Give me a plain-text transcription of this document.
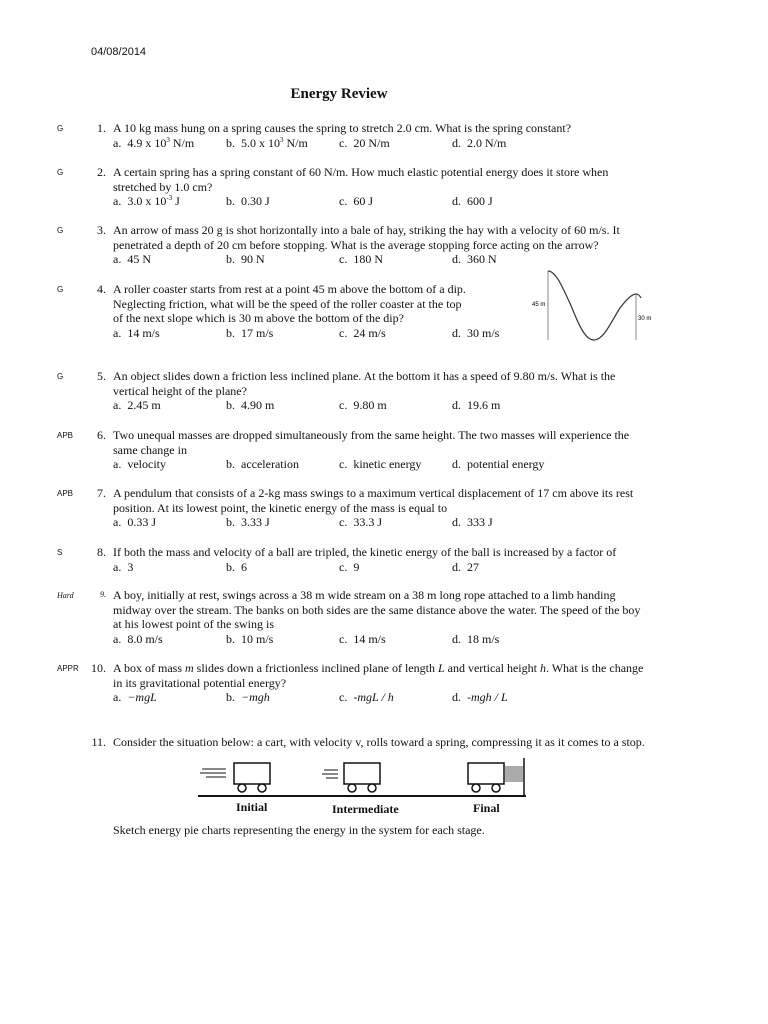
04/08/2014
Energy Review
G	1. A 10 kg mass hung on a spring causes the spring to stretch 2.0 cm. What is the spring constant?
a. 4.9 x $10^3$ N/m	b. 5.0 x $10^3$ N/m	c. 20 N/m	d. 2.0 N/m
G	2. A certain spring has a spring constant of 60 N/m. How much elastic potential energy does it store when stretched by 1.0 cm?
a. 3.0 x $10^{-3}$ J	b. 0.30 J	c. 60 J	d. 600 J
G	3. An arrow of mass 20 g is shot horizontally into a bale of hay, striking the hay with a velocity of 60 m/s. It penetrated a depth of 20 cm before stopping. What is the average stopping force acting on the arrow?
a. 45 N	b. 90 N	c. 180 N	d. 360 N
G	4. A roller coaster starts from rest at a point 45 m above the bottom of a dip.
Neglecting friction, what will be the speed of the roller coaster at the top
of the next slope which is 30 m above the bottom of the dip?
a. 14 m/s	b. 17 m/s	c. 24 m/s	d. 30 m/s
45 m
30 m
G	5. An object slides down a friction less inclined plane. At the bottom it has a speed of 9.80 m/s. What is the vertical height of the plane?
a. 2.45 m	b. 4.90 m	c. 9.80 m	d. 19.6 m
APB	6. Two unequal masses are dropped simultaneously from the same height. The two masses will experience the same change in
a. velocity	b. acceleration	c. kinetic energy	d. potential energy
APB	7. A pendulum that consists of a 2-kg mass swings to a maximum vertical displacement of 17 cm above its rest position. At its lowest point, the kinetic energy of the mass is equal to
a. 0.33 J	b. 3.33 J	c. 33.3 J	d. 333 J
S	8. If both the mass and velocity of a ball are tripled, the kinetic energy of the ball is increased by a factor of
a. 3	b. 6	c. 9	d. 27
Hard	9. A boy, initially at rest, swings across a 38 m wide stream on a 38 m long rope attached to a limb handing midway over the stream. The banks on both sides are the same distance above the water. The speed of the boy at his lowest point of the swing is
a. 8.0 m/s	b. 10 m/s	c. 14 m/s	d. 18 m/s
APPR	10. A box of mass m slides down a frictionless inclined plane of length L and vertical height h. What is the change in its gravitational potential energy?
a. −mgL	b. −mgh	c. -mgL / h	d. -mgh / L
11. Consider the situation below: a cart, with velocity v, rolls toward a spring, compressing it as it comes to a stop.
Initial	Intermediate	Final
Sketch energy pie charts representing the energy in the system for each stage.
